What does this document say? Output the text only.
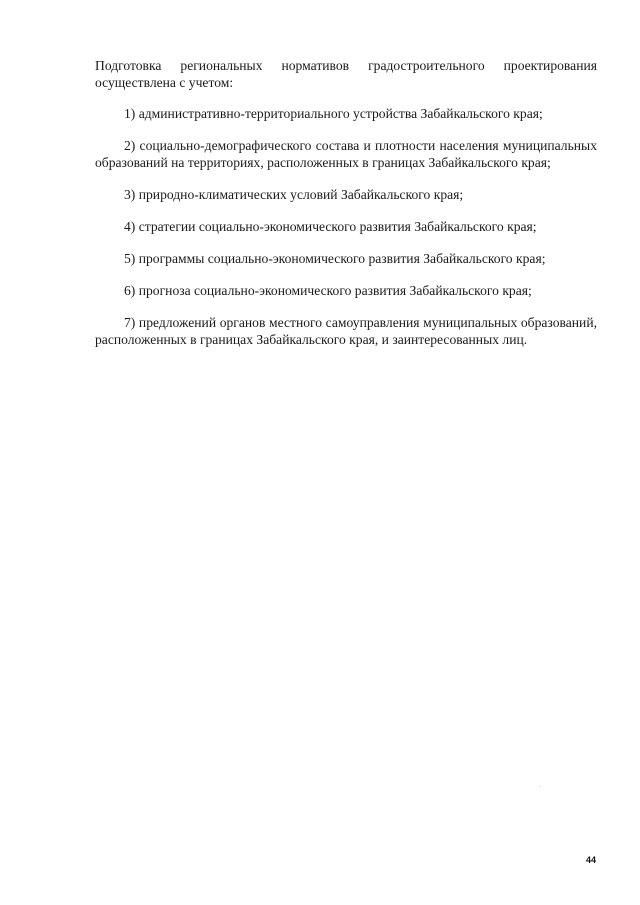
Подготовка региональных нормативов градостроительного проектирования осуществлена с учетом:

1) административно-территориального устройства Забайкальского края;

2) социально-демографического состава и плотности населения муниципальных образований на территориях, расположенных в границах Забайкальского края;

3) природно-климатических условий Забайкальского края;

4) стратегии социально-экономического развития Забайкальского края;

5) программы социально-экономического развития Забайкальского края;

6) прогноза социально-экономического развития Забайкальского края;

7) предложений органов местного самоуправления муниципальных образований, расположенных в границах Забайкальского края, и заинтересованных лиц.

44
